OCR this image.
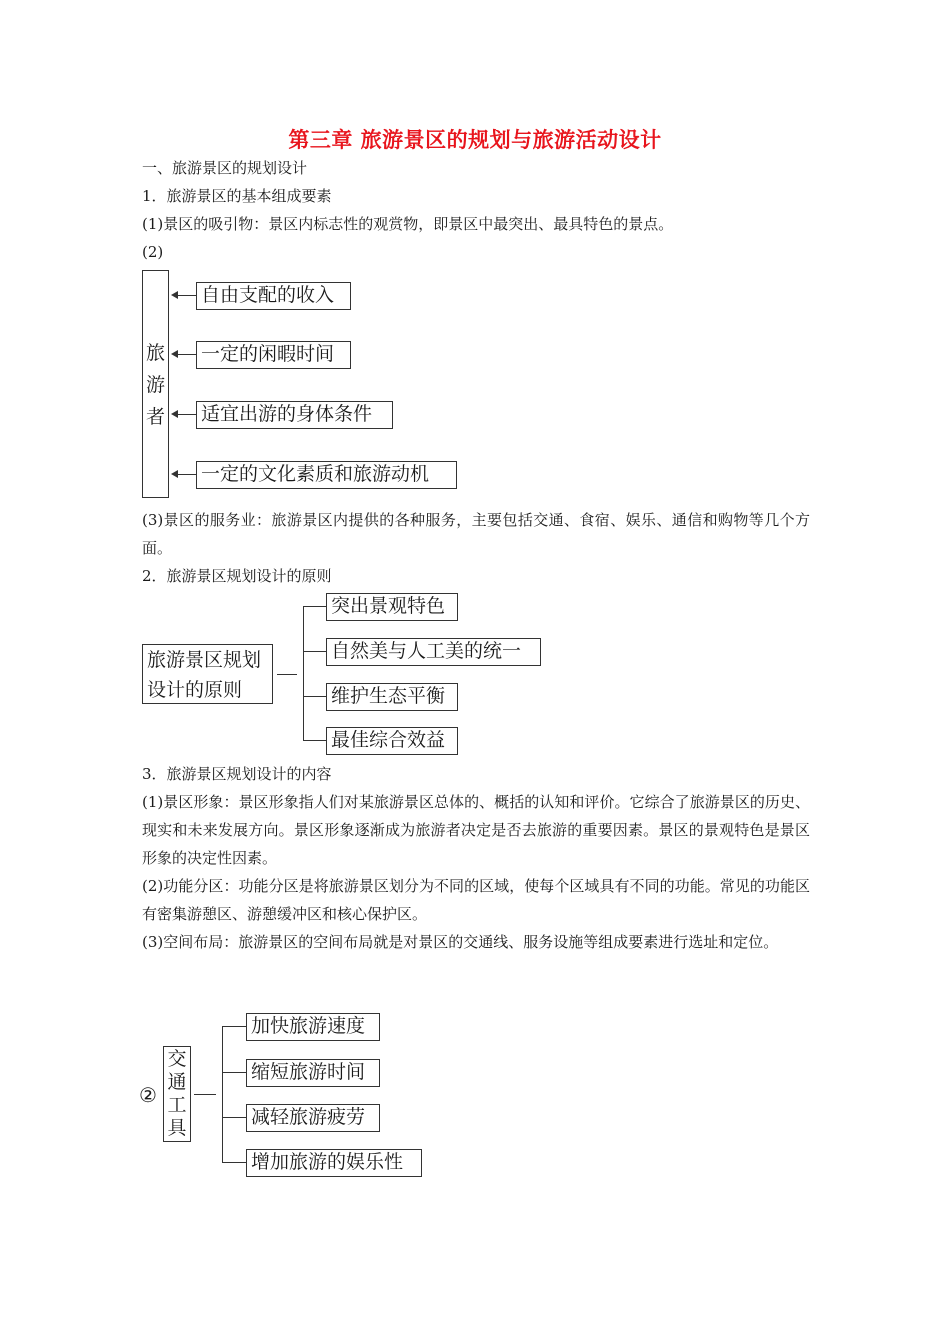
第三章 旅游景区的规划与旅游活动设计
一、旅游景区的规划设计
1．旅游景区的基本组成要素
(1)景区的吸引物：景区内标志性的观赏物，即景区中最突出、最具特色的景点。
(2)
旅
游
者
自由支配的收入
一定的闲暇时间
适宜出游的身体条件
一定的文化素质和旅游动机
(3)景区的服务业：旅游景区内提供的各种服务，主要包括交通、食宿、娱乐、通信和购物等几个方面。
2．旅游景区规划设计的原则
旅游景区规划
设计的原则
突出景观特色
自然美与人工美的统一
维护生态平衡
最佳综合效益
3．旅游景区规划设计的内容
(1)景区形象：景区形象指人们对某旅游景区总体的、概括的认知和评价。它综合了旅游景区的历史、现实和未来发展方向。景区形象逐渐成为旅游者决定是否去旅游的重要因素。景区的景观特色是景区形象的决定性因素。
(2)功能分区：功能分区是将旅游景区划分为不同的区域，使每个区域具有不同的功能。常见的功能区有密集游憩区、游憩缓冲区和核心保护区。
(3)空间布局：旅游景区的空间布局就是对景区的交通线、服务设施等组成要素进行选址和定位。
②
交
通
工
具
加快旅游速度
缩短旅游时间
减轻旅游疲劳
增加旅游的娱乐性
